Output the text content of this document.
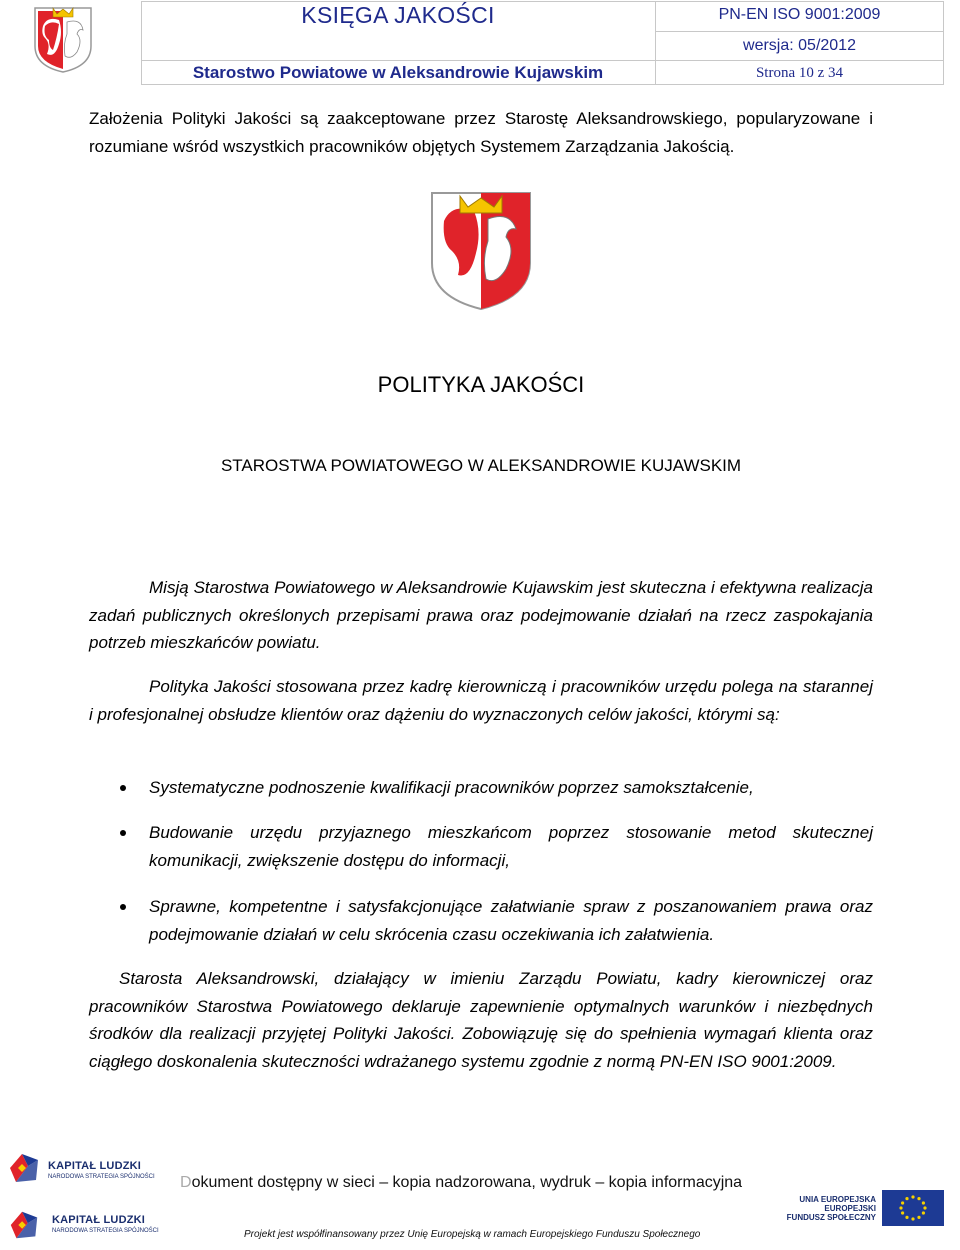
KSIĘGA JAKOŚCI	PN-EN ISO 9001:2009
wersja: 05/2012
Starostwo Powiatowe w Aleksandrowie Kujawskim	Strona 10 z 34
Założenia Polityki Jakości są zaakceptowane przez Starostę Aleksandrowskiego, popularyzowane i rozumiane wśród wszystkich pracowników objętych Systemem Zarządzania Jakością.
POLITYKA JAKOŚCI
STAROSTWA POWIATOWEGO W ALEKSANDROWIE KUJAWSKIM
Misją Starostwa Powiatowego w Aleksandrowie Kujawskim jest skuteczna i efektywna realizacja zadań publicznych określonych przepisami prawa oraz podejmowanie działań na rzecz zaspokajania potrzeb mieszkańców powiatu.
Polityka Jakości stosowana przez kadrę kierowniczą i pracowników urzędu polega na starannej i profesjonalnej obsłudze klientów oraz dążeniu do wyznaczonych celów jakości, którymi są:
Systematyczne podnoszenie kwalifikacji pracowników poprzez samokształcenie,
Budowanie urzędu przyjaznego mieszkańcom poprzez stosowanie metod skutecznej komunikacji, zwiększenie dostępu do informacji,
Sprawne, kompetentne i satysfakcjonujące załatwianie spraw z poszanowaniem prawa oraz podejmowanie działań w celu skrócenia czasu oczekiwania ich załatwienia.
Starosta Aleksandrowski, działający w imieniu Zarządu Powiatu, kadry kierowniczej oraz pracowników Starostwa Powiatowego deklaruje zapewnienie optymalnych warunków i niezbędnych środków dla realizacji przyjętej Polityki Jakości. Zobowiązuję się do spełnienia wymagań klienta oraz ciągłego doskonalenia skuteczności wdrażanego systemu zgodnie z normą PN-EN ISO 9001:2009.
KAPITAŁ LUDZKI
NARODOWA STRATEGIA SPÓJNOŚCI
KAPITAŁ LUDZKI
NARODOWA STRATEGIA SPÓJNOŚCI
Dokument dostępny w sieci – kopia nadzorowana, wydruk – kopia informacyjna
Projekt jest współfinansowany przez Unię Europejską w ramach Europejskiego Funduszu Społecznego
UNIA EUROPEJSKA
EUROPEJSKI
FUNDUSZ SPOŁECZNY
